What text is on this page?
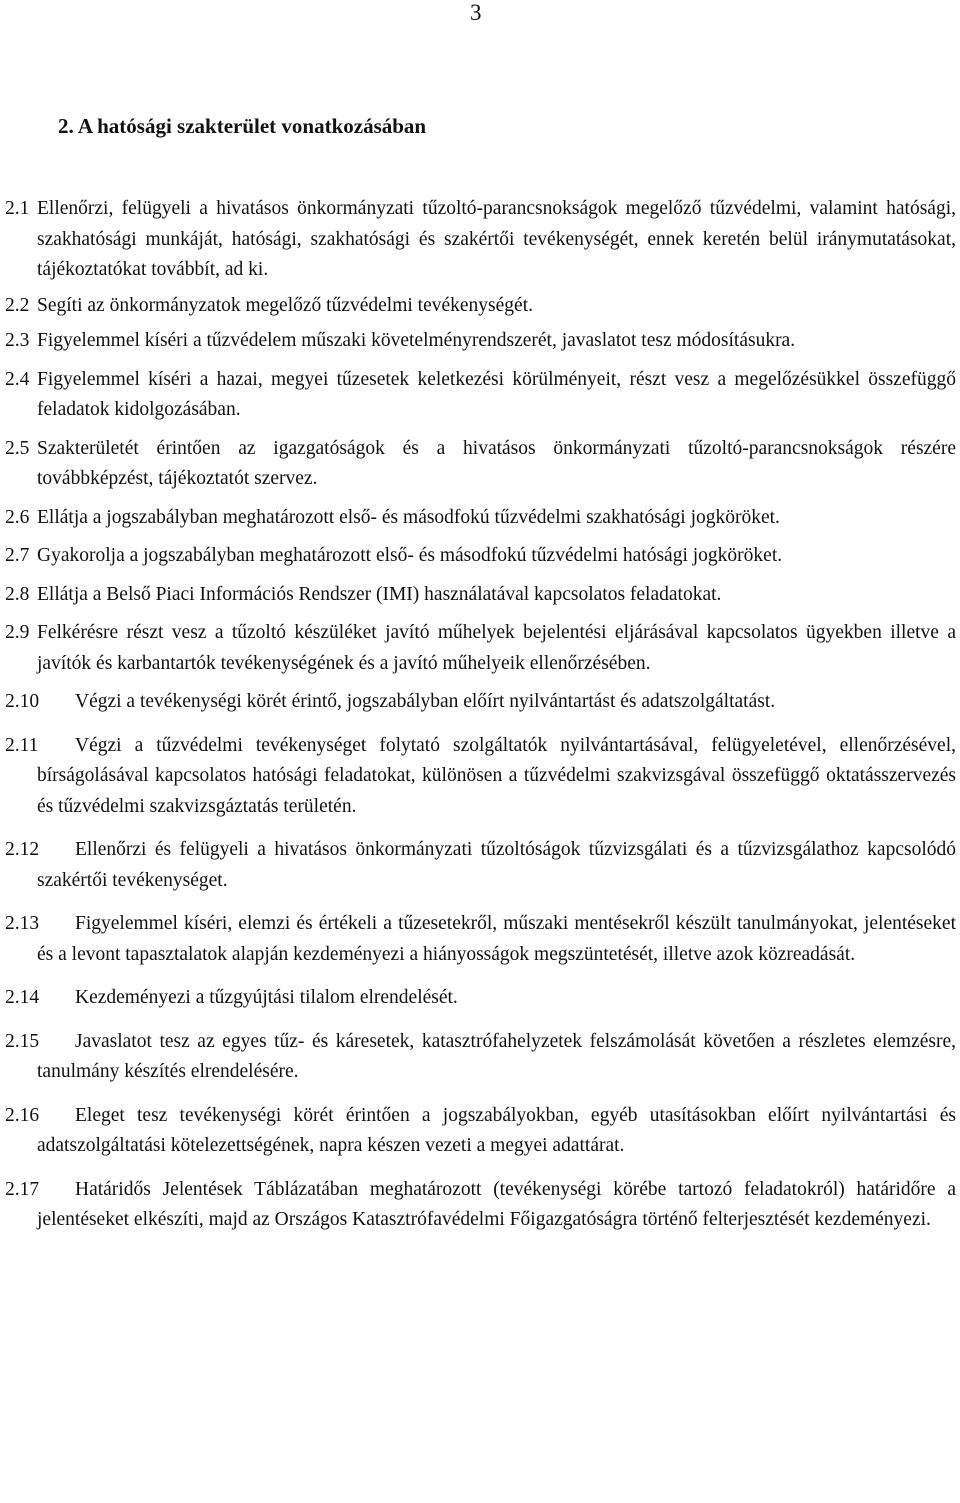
3
2. A hatósági szakterület vonatkozásában
2.1 Ellenőrzi, felügyeli a hivatásos önkormányzati tűzoltó-parancsnokságok megelőző tűzvédelmi, valamint hatósági, szakhatósági munkáját, hatósági, szakhatósági és szakértői tevékenységét, ennek keretén belül iránymutatásokat, tájékoztatókat továbbít, ad ki.
2.2 Segíti az önkormányzatok megelőző tűzvédelmi tevékenységét.
2.3 Figyelemmel kíséri a tűzvédelem műszaki követelményrendszerét, javaslatot tesz módosításukra.
2.4 Figyelemmel kíséri a hazai, megyei tűzesetek keletkezési körülményeit, részt vesz a megelőzésükkel összefüggő feladatok kidolgozásában.
2.5 Szakterületét érintően az igazgatóságok és a hivatásos önkormányzati tűzoltó-parancsnokságok részére továbbképzést, tájékoztatót szervez.
2.6 Ellátja a jogszabályban meghatározott első- és másodfokú tűzvédelmi szakhatósági jogköröket.
2.7 Gyakorolja a jogszabályban meghatározott első- és másodfokú tűzvédelmi hatósági jogköröket.
2.8 Ellátja a Belső Piaci Információs Rendszer (IMI) használatával kapcsolatos feladatokat.
2.9 Felkérésre részt vesz a tűzoltó készüléket javító műhelyek bejelentési eljárásával kapcsolatos ügyekben illetve a javítók és karbantartók tevékenységének és a javító műhelyeik ellenőrzésében.
2.10 Végzi a tevékenységi körét érintő, jogszabályban előírt nyilvántartást és adatszolgáltatást.
2.11 Végzi a tűzvédelmi tevékenységet folytató szolgáltatók nyilvántartásával, felügyeletével, ellenőrzésével, bírságolásával kapcsolatos hatósági feladatokat, különösen a tűzvédelmi szakvizsgával összefüggő oktatásszervezés és tűzvédelmi szakvizsgáztatás területén.
2.12 Ellenőrzi és felügyeli a hivatásos önkormányzati tűzoltóságok tűzvizsgálati és a tűzvizsgálathoz kapcsolódó szakértői tevékenységet.
2.13 Figyelemmel kíséri, elemzi és értékeli a tűzesetekről, műszaki mentésekről készült tanulmányokat, jelentéseket és a levont tapasztalatok alapján kezdeményezi a hiányosságok megszüntetését, illetve azok közreadását.
2.14 Kezdeményezi a tűzgyújtási tilalom elrendelését.
2.15 Javaslatot tesz az egyes tűz- és káresetek, katasztrófahelyzetek felszámolását követően a részletes elemzésre, tanulmány készítés elrendelésére.
2.16 Eleget tesz tevékenységi körét érintően a jogszabályokban, egyéb utasításokban előírt nyilvántartási és adatszolgáltatási kötelezettségének, napra készen vezeti a megyei adattárat.
2.17 Határidős Jelentések Táblázatában meghatározott (tevékenységi körébe tartozó feladatokról) határidőre a jelentéseket elkészíti, majd az Országos Katasztrófavédelmi Főigazgatóságra történő felterjesztését kezdeményezi.
